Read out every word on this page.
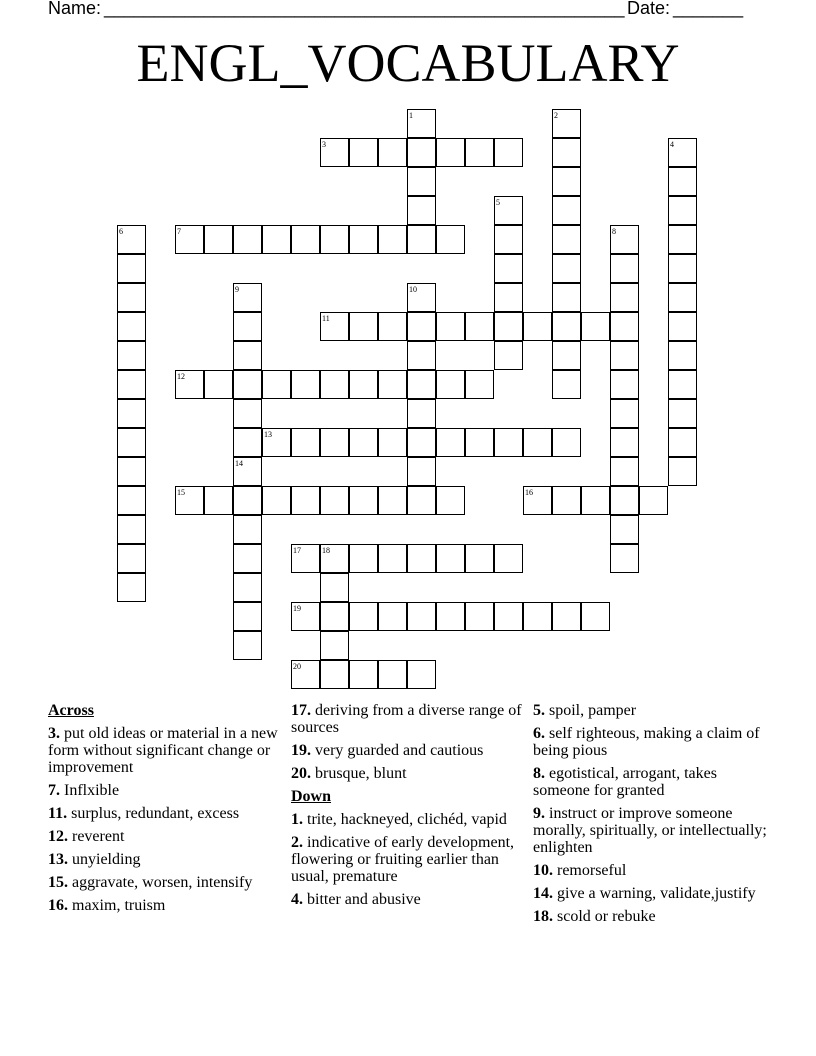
Name: ____________________________________________________ Date: _______
ENGL_VOCABULARY
1	2
3	4
5
6	7	8
9	10
11
12
13
14
15	16
17	18
19
20
Across
3. put old ideas or material in a new form without significant change or improvement
7. Inflxible
11. surplus, redundant, excess
12. reverent
13. unyielding
15. aggravate, worsen, intensify
16. maxim, truism
17. deriving from a diverse range of sources
19. very guarded and cautious
20. brusque, blunt
Down
1. trite, hackneyed, clichéd, vapid
2. indicative of early development, flowering or fruiting earlier than usual, premature
4. bitter and abusive
5. spoil, pamper
6. self righteous, making a claim of being pious
8. egotistical, arrogant, takes someone for granted
9. instruct or improve someone morally, spiritually, or intellectually; enlighten
10. remorseful
14. give a warning, validate,justify
18. scold or rebuke
